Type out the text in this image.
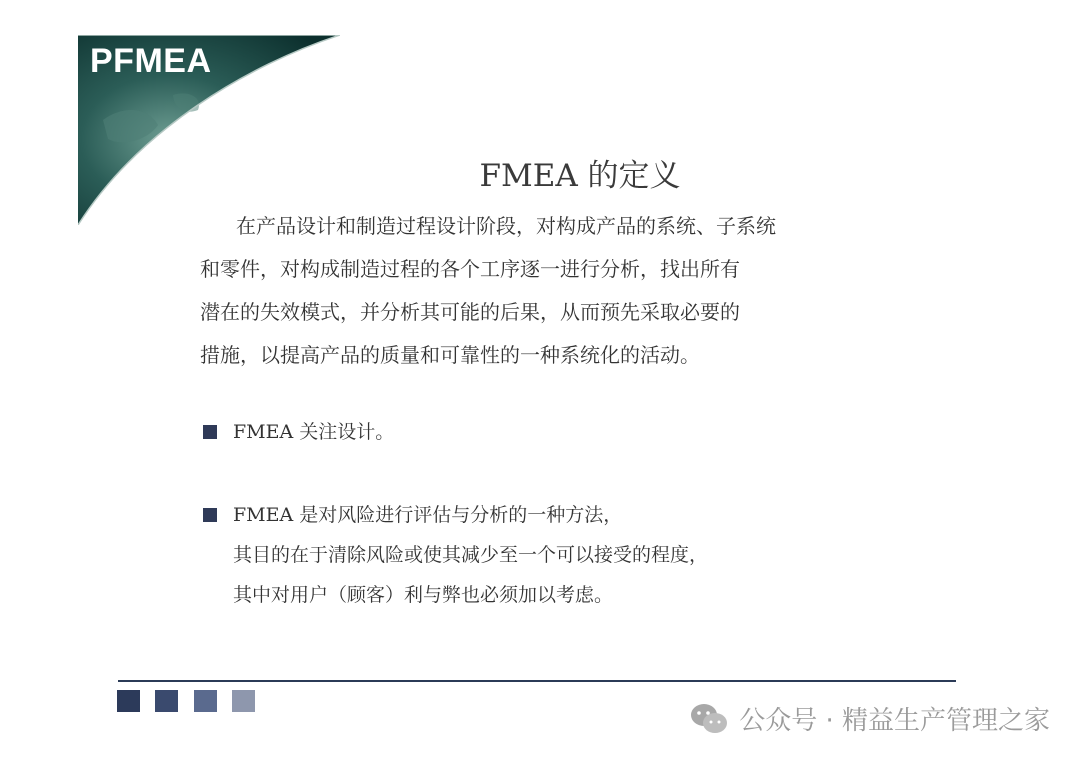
PFMEA
FMEA 的定义
在产品设计和制造过程设计阶段，对构成产品的系统、子系统
和零件，对构成制造过程的各个工序逐一进行分析，找出所有
潜在的失效模式，并分析其可能的后果，从而预先采取必要的
措施，以提高产品的质量和可靠性的一种系统化的活动。
FMEA 关注设计。
FMEA 是对风险进行评估与分析的一种方法，
其目的在于清除风险或使其减少至一个可以接受的程度，
其中对用户（顾客）利与弊也必须加以考虑。
公众号 · 精益生产管理之家
